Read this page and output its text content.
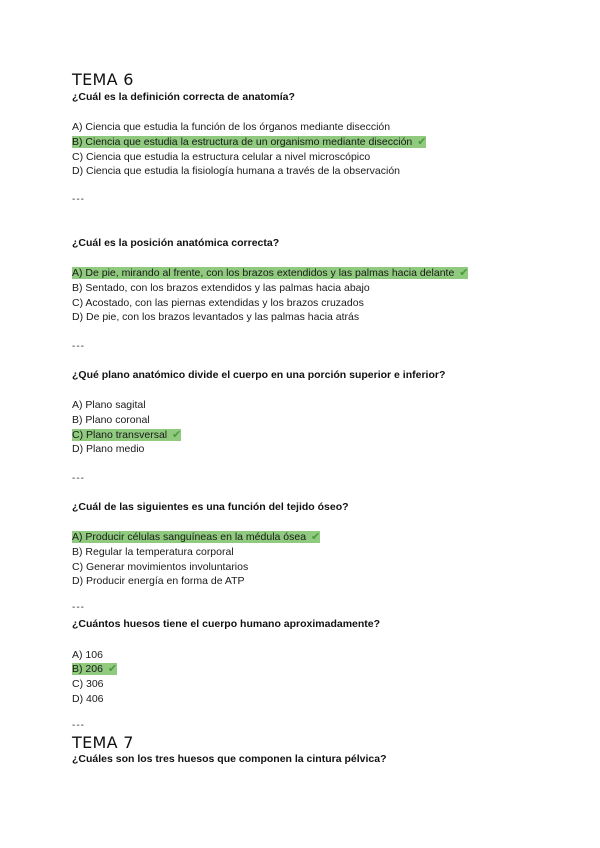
TEMA 6
¿Cuál es la definición correcta de anatomía?
A) Ciencia que estudia la función de los órganos mediante disección
B) Ciencia que estudia la estructura de un organismo mediante disección ✔
C) Ciencia que estudia la estructura celular a nivel microscópico
D) Ciencia que estudia la fisiología humana a través de la observación
---
¿Cuál es la posición anatómica correcta?
A) De pie, mirando al frente, con los brazos extendidos y las palmas hacia delante ✔
B) Sentado, con los brazos extendidos y las palmas hacia abajo
C) Acostado, con las piernas extendidas y los brazos cruzados
D) De pie, con los brazos levantados y las palmas hacia atrás
---
¿Qué plano anatómico divide el cuerpo en una porción superior e inferior?
A) Plano sagital
B) Plano coronal
C) Plano transversal ✔
D) Plano medio
---
¿Cuál de las siguientes es una función del tejido óseo?
A) Producir células sanguíneas en la médula ósea ✔
B) Regular la temperatura corporal
C) Generar movimientos involuntarios
D) Producir energía en forma de ATP
---
¿Cuántos huesos tiene el cuerpo humano aproximadamente?
A) 106
B) 206 ✔
C) 306
D) 406
---
TEMA 7
¿Cuáles son los tres huesos que componen la cintura pélvica?
